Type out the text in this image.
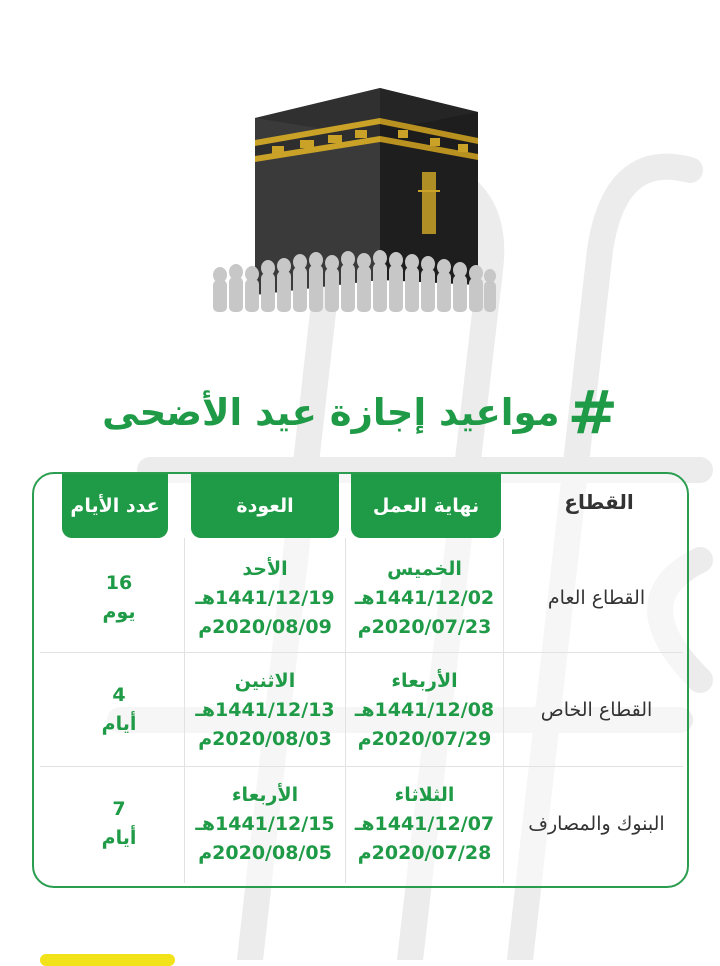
#
مواعيد إجازة عيد الأضحى
القطاع
نهاية العمل
العودة
عدد الأيام
القطاع العام
الخميس
1441/12/02هـ
2020/07/23م
الأحد
1441/12/19هـ
2020/08/09م
16
يوم
القطاع الخاص
الأربعاء
1441/12/08هـ
2020/07/29م
الاثنين
1441/12/13هـ
2020/08/03م
4
أيام
البنوك والمصارف
الثلاثاء
1441/12/07هـ
2020/07/28م
الأربعاء
1441/12/15هـ
2020/08/05م
7
أيام
